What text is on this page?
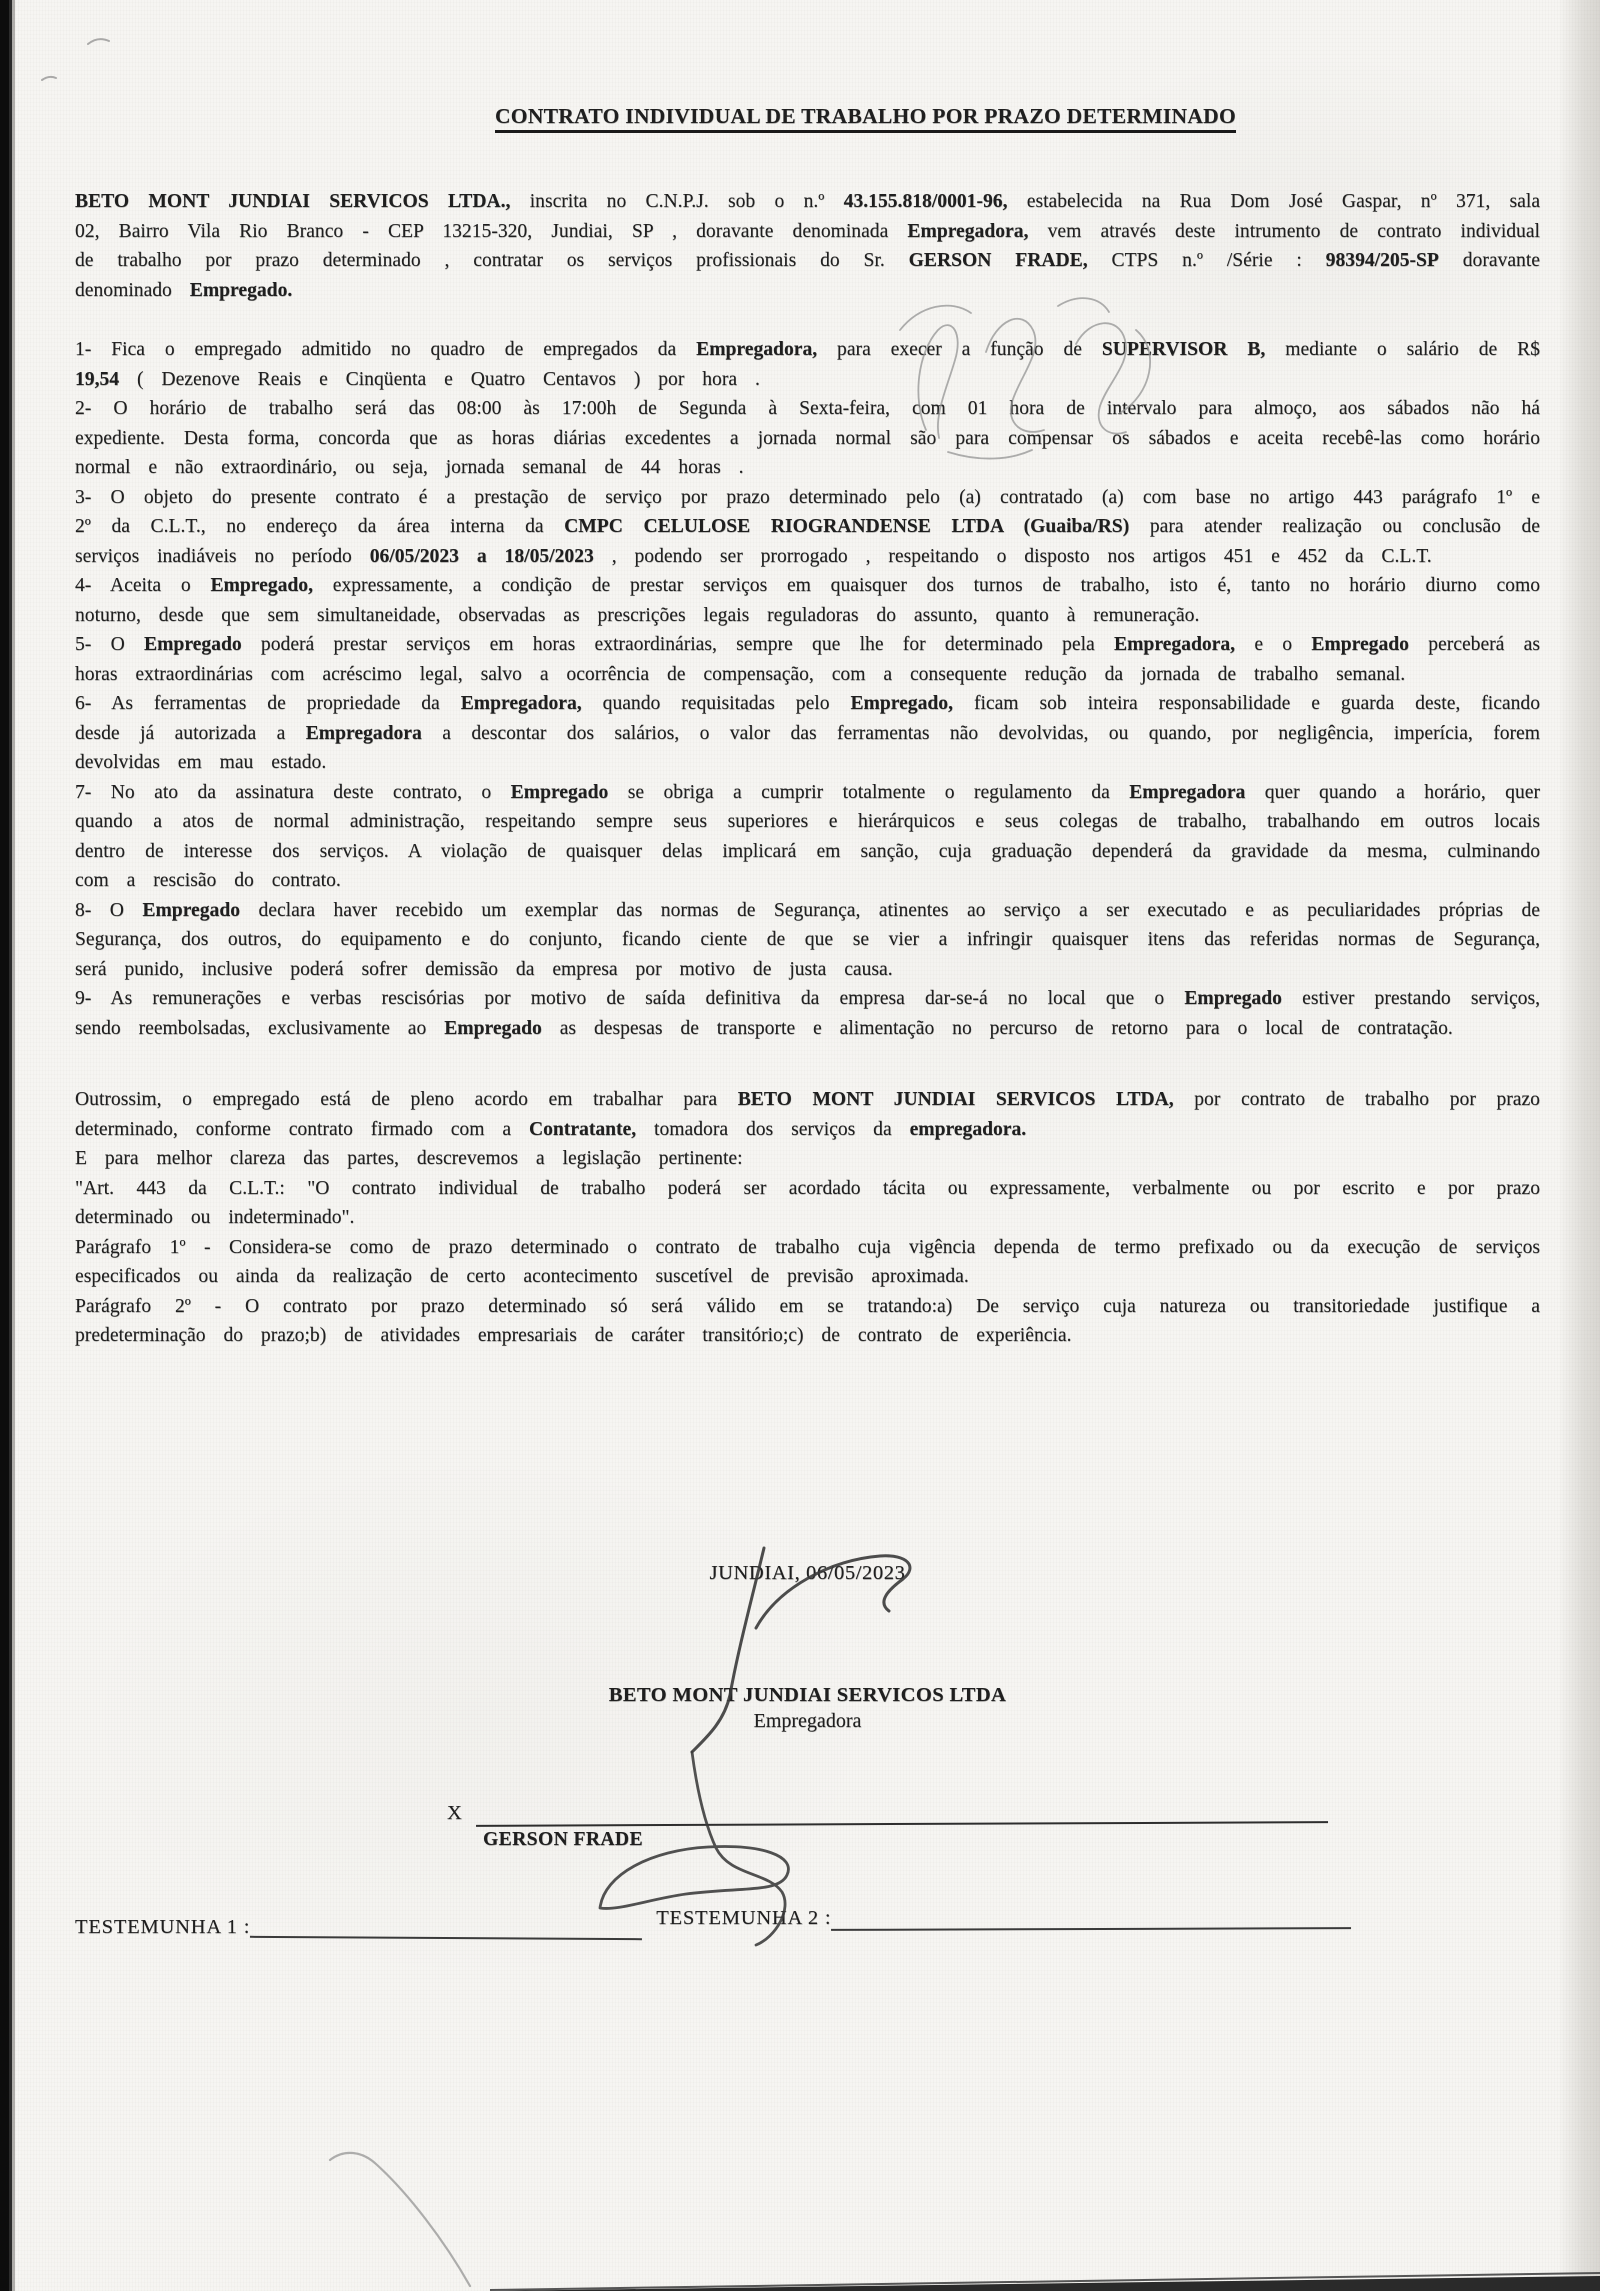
CONTRATO INDIVIDUAL DE TRABALHO POR PRAZO DETERMINADO

BETO MONT JUNDIAI SERVICOS LTDA., inscrita no C.N.P.J. sob o n.º 43.155.818/0001-96, estabelecida na Rua Dom José Gaspar, nº 371, sala 02, Bairro Vila Rio Branco - CEP 13215-320, Jundiai, SP , doravante denominada Empregadora, vem através deste intrumento de contrato individual de trabalho por prazo determinado , contratar os serviços profissionais do Sr. GERSON FRADE, CTPS n.º /Série : 98394/205-SP doravante denominado Empregado.

1- Fica o empregado admitido no quadro de empregados da Empregadora, para execer a função de SUPERVISOR B, mediante o salário de R$ 19,54 ( Dezenove Reais e Cinqüenta e Quatro Centavos ) por hora .

2- O horário de trabalho será das 08:00 às 17:00h de Segunda à Sexta-feira, com 01 hora de intervalo para almoço, aos sábados não há expediente. Desta forma, concorda que as horas diárias excedentes a jornada normal são para compensar os sábados e aceita recebê-las como horário normal e não extraordinário, ou seja, jornada semanal de 44 horas .

3- O objeto do presente contrato é a prestação de serviço por prazo determinado pelo (a) contratado (a) com base no artigo 443 parágrafo 1º e 2º da C.L.T., no endereço da área interna da CMPC CELULOSE RIOGRANDENSE LTDA (Guaiba/RS) para atender realização ou conclusão de serviços inadiáveis no período 06/05/2023 a 18/05/2023 , podendo ser prorrogado , respeitando o disposto nos artigos 451 e 452 da C.L.T.

4- Aceita o Empregado, expressamente, a condição de prestar serviços em quaisquer dos turnos de trabalho, isto é, tanto no horário diurno como noturno, desde que sem simultaneidade, observadas as prescrições legais reguladoras do assunto, quanto à remuneração.

5- O Empregado poderá prestar serviços em horas extraordinárias, sempre que lhe for determinado pela Empregadora, e o Empregado perceberá as horas extraordinárias com acréscimo legal, salvo a ocorrência de compensação, com a consequente redução da jornada de trabalho semanal.

6- As ferramentas de propriedade da Empregadora, quando requisitadas pelo Empregado, ficam sob inteira responsabilidade e guarda deste, ficando desde já autorizada a Empregadora a descontar dos salários, o valor das ferramentas não devolvidas, ou quando, por negligência, imperícia, forem devolvidas em mau estado.

7- No ato da assinatura deste contrato, o Empregado se obriga a cumprir totalmente o regulamento da Empregadora quer quando a horário, quer quando a atos de normal administração, respeitando sempre seus superiores e hierárquicos e seus colegas de trabalho, trabalhando em outros locais dentro de interesse dos serviços. A violação de quaisquer delas implicará em sanção, cuja graduação dependerá da gravidade da mesma, culminando com a rescisão do contrato.

8- O Empregado declara haver recebido um exemplar das normas de Segurança, atinentes ao serviço a ser executado e as peculiaridades próprias de Segurança, dos outros, do equipamento e do conjunto, ficando ciente de que se vier a infringir quaisquer itens das referidas normas de Segurança, será punido, inclusive poderá sofrer demissão da empresa por motivo de justa causa.

9- As remunerações e verbas rescisórias por motivo de saída definitiva da empresa dar-se-á no local que o Empregado estiver prestando serviços, sendo reembolsadas, exclusivamente ao Empregado as despesas de transporte e alimentação no percurso de retorno para o local de contratação.

Outrossim, o empregado está de pleno acordo em trabalhar para BETO MONT JUNDIAI SERVICOS LTDA, por contrato de trabalho por prazo determinado, conforme contrato firmado com a Contratante, tomadora dos serviços da empregadora.

E para melhor clareza das partes, descrevemos a legislação pertinente:

"Art. 443 da C.L.T.: "O contrato individual de trabalho poderá ser acordado tácita ou expressamente, verbalmente ou por escrito e por prazo determinado ou indeterminado".

Parágrafo 1º - Considera-se como de prazo determinado o contrato de trabalho cuja vigência dependa de termo prefixado ou da execução de serviços especificados ou ainda da realização de certo acontecimento suscetível de previsão aproximada.

Parágrafo 2º - O contrato por prazo determinado só será válido em se tratando:a) De serviço cuja natureza ou transitoriedade justifique a predeterminação do prazo;b) de atividades empresariais de caráter transitório;c) de contrato de experiência.

JUNDIAI, 06/05/2023
BETO MONT JUNDIAI SERVICOS LTDA
Empregadora
X
GERSON FRADE
TESTEMUNHA 1 :	TESTEMUNHA 2 :
